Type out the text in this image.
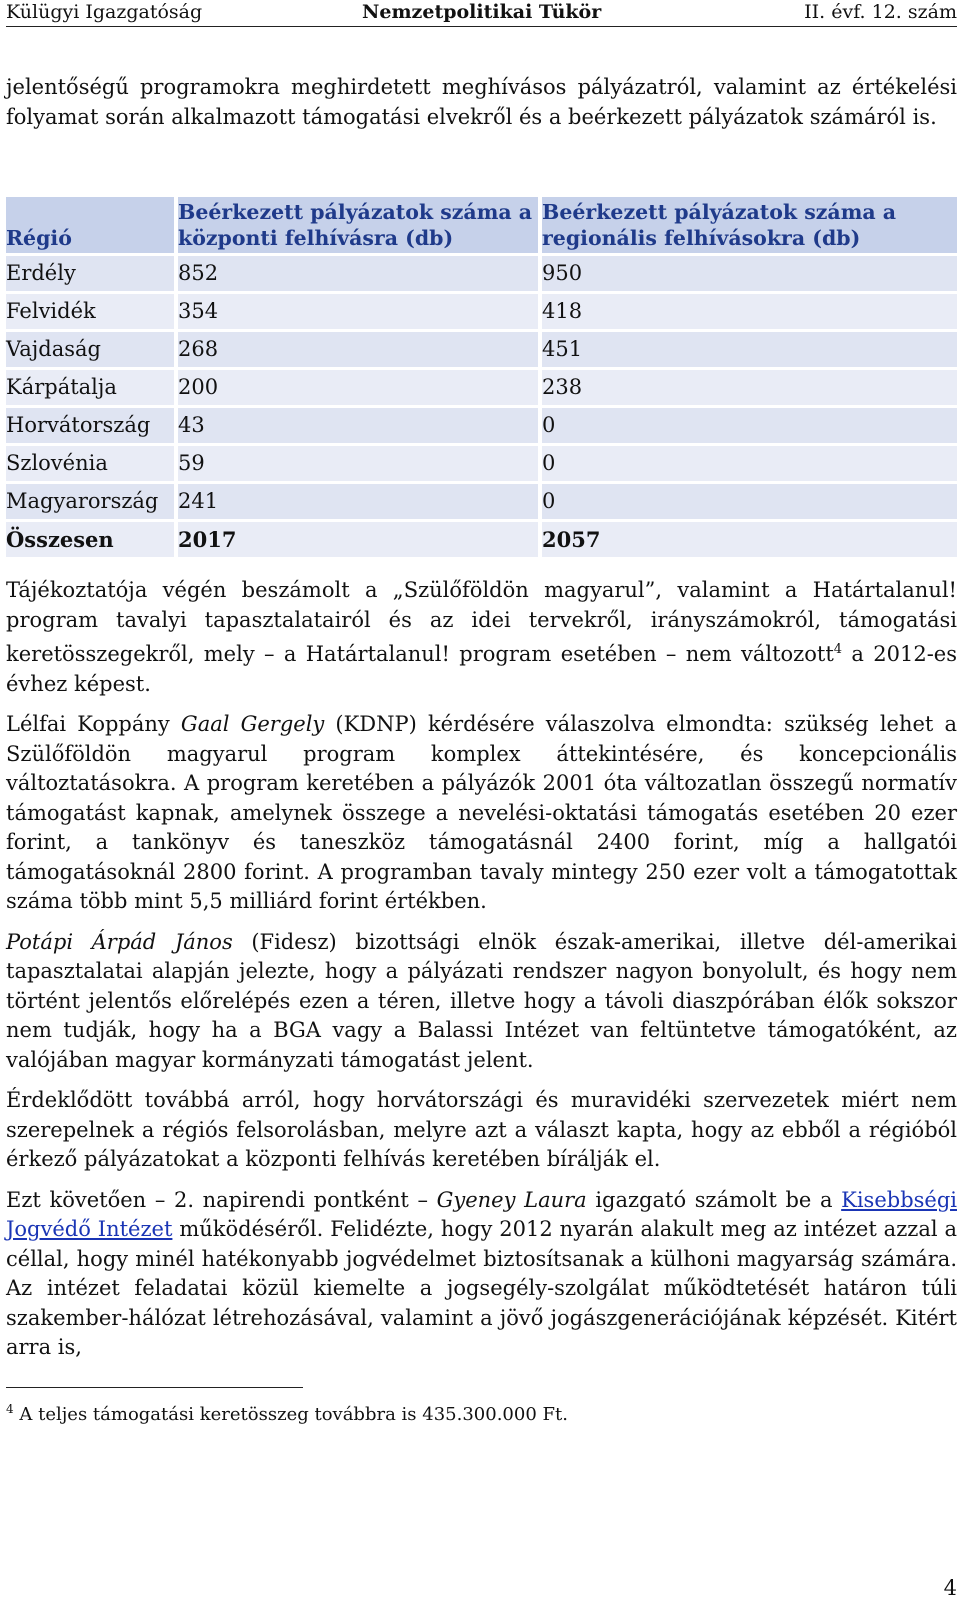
Külügyi Igazgatóság	Nemzetpolitikai Tükör	II. évf. 12. szám

jelentőségű programokra meghirdetett meghívásos pályázatról, valamint az értékelési folyamat során alkalmazott támogatási elvekről és a beérkezett pályázatok számáról is.

Régió	Beérkezett pályázatok száma a központi felhívásra (db)	Beérkezett pályázatok száma a regionális felhívásokra (db)
Erdély	852	950
Felvidék	354	418
Vajdaság	268	451
Kárpátalja	200	238
Horvátország	43	0
Szlovénia	59	0
Magyarország	241	0
Összesen	2017	2057

Tájékoztatója végén beszámolt a „Szülőföldön magyarul”, valamint a Határtalanul! program tavalyi tapasztalatairól és az idei tervekről, irányszámokról, támogatási keretösszegekről, mely – a Határtalanul! program esetében – nem változott$^4$ a 2012-es évhez képest.

Lélfai Koppány Gaal Gergely (KDNP) kérdésére válaszolva elmondta: szükség lehet a Szülőföldön magyarul program komplex áttekintésére, és koncepcionális változtatásokra. A program keretében a pályázók 2001 óta változatlan összegű normatív támogatást kapnak, amelynek összege a nevelési-oktatási támogatás esetében 20 ezer forint, a tankönyv és taneszköz támogatásnál 2400 forint, míg a hallgatói támogatásoknál 2800 forint. A programban tavaly mintegy 250 ezer volt a támogatottak száma több mint 5,5 milliárd forint értékben.

Potápi Árpád János (Fidesz) bizottsági elnök észak-amerikai, illetve dél-amerikai tapasztalatai alapján jelezte, hogy a pályázati rendszer nagyon bonyolult, és hogy nem történt jelentős előrelépés ezen a téren, illetve hogy a távoli diaszpórában élők sokszor nem tudják, hogy ha a BGA vagy a Balassi Intézet van feltüntetve támogatóként, az valójában magyar kormányzati támogatást jelent.

Érdeklődött továbbá arról, hogy horvátországi és muravidéki szervezetek miért nem szerepelnek a régiós felsorolásban, melyre azt a választ kapta, hogy az ebből a régióból érkező pályázatokat a központi felhívás keretében bírálják el.

Ezt követően – 2. napirendi pontként – Gyeney Laura igazgató számolt be a Kisebbségi Jogvédő Intézet működéséről. Felidézte, hogy 2012 nyarán alakult meg az intézet azzal a céllal, hogy minél hatékonyabb jogvédelmet biztosítsanak a külhoni magyarság számára. Az intézet feladatai közül kiemelte a jogsegély-szolgálat működtetését határon túli szakember-hálózat létrehozásával, valamint a jövő jogászgenerációjának képzését. Kitért arra is,

$^4$ A teljes támogatási keretösszeg továbbra is 435.300.000 Ft.
4
